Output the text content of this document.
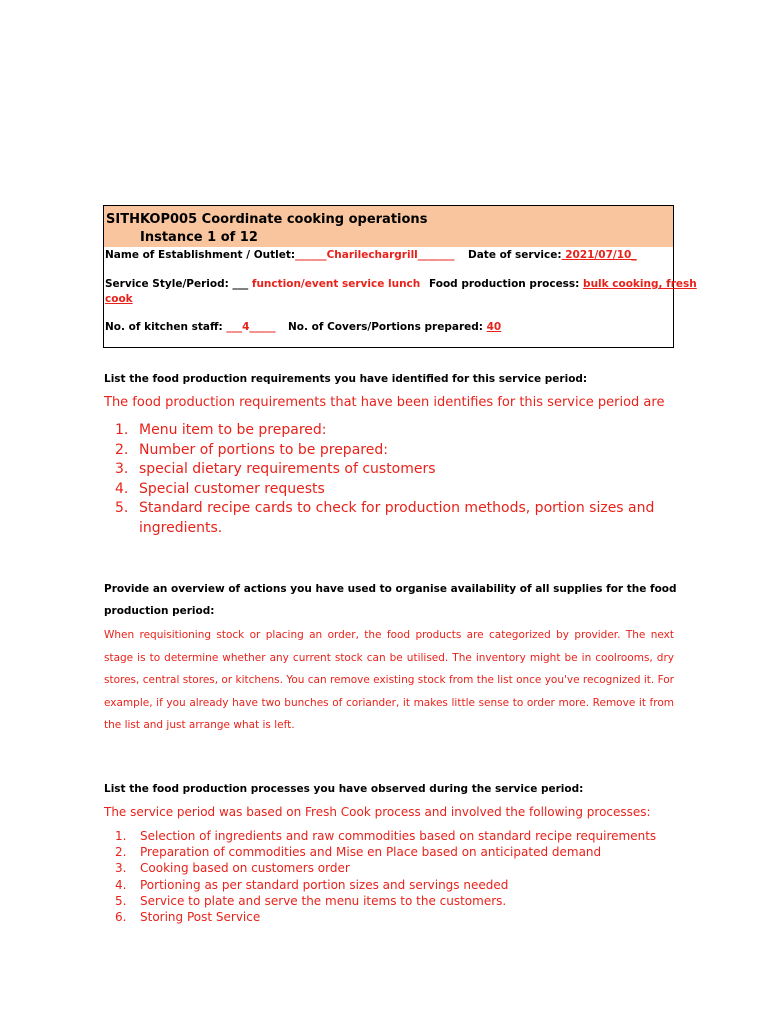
SITHKOP005 Coordinate cooking operations
Instance 1 of 12
Name of Establishment / Outlet:______Charilechargrill_______ Date of service: 2021/07/10_
Service Style/Period: ___ function/event service lunch Food production process: bulk cooking, fresh
cook
No. of kitchen staff: ___4_____ No. of Covers/Portions prepared: 40
List the food production requirements you have identified for this service period:
The food production requirements that have been identifies for this service period are
1. Menu item to be prepared:
2. Number of portions to be prepared:
3. special dietary requirements of customers
4. Special customer requests
5. Standard recipe cards to check for production methods, portion sizes and ingredients.
Provide an overview of actions you have used to organise availability of all supplies for the food
production period:
When requisitioning stock or placing an order, the food products are categorized by provider. The next stage is to determine whether any current stock can be utilised. The inventory might be in coolrooms, dry stores, central stores, or kitchens. You can remove existing stock from the list once you've recognized it. For example, if you already have two bunches of coriander, it makes little sense to order more. Remove it from the list and just arrange what is left.
List the food production processes you have observed during the service period:
The service period was based on Fresh Cook process and involved the following processes:
1. Selection of ingredients and raw commodities based on standard recipe requirements
2. Preparation of commodities and Mise en Place based on anticipated demand
3. Cooking based on customers order
4. Portioning as per standard portion sizes and servings needed
5. Service to plate and serve the menu items to the customers.
6. Storing Post Service
